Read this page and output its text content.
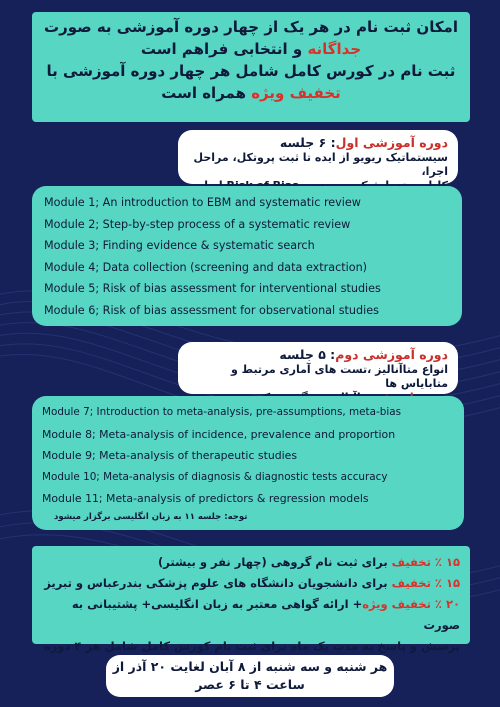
امکان ثبت نام در هر یک از چهار دوره آموزشی به صورت
جداگانه و انتخابی فراهم است
ثبت نام در کورس کامل شامل هر چهار دوره آموزشی با
تخفیف ویژه همراه است
دوره آموزشی اول: ۶ جلسه
سیستماتیک ریویو از ایده تا ثبت پروتکل، مراحل اجرا،
Module 1; An introduction to EBM and systematic review
Module 2; Step-by-step process of a systematic review
Module 3; Finding evidence & systematic search
Module 4; Data collection (screening and data extraction)
Module 5; Risk of bias assessment for interventional studies
Module 6; Risk of bias assessment for observational studies
دوره آموزشی دوم: ۵ جلسه
انواع متاآنالیز ،تست های آماری مرتبط و متابایاس ها
Module 7; Introduction to meta-analysis, pre-assumptions, meta-bias
Module 8; Meta-analysis of incidence, prevalence and proportion
Module 9; Meta-analysis of therapeutic studies
Module 10; Meta-analysis of diagnosis & diagnostic tests accuracy
Module 11; Meta-analysis of predictors & regression models
توجه: جلسه ۱۱ به زبان انگلیسی برگزار میشود
۱۵ ٪ تخفیف برای ثبت نام گروهی (چهار نفر و بیشتر)
۱۵ ٪ تخفیف برای دانشجویان دانشگاه های علوم پزشکی بندرعباس و تبریز
۲۰ ٪ تخفیف ویژه+ ارائه گواهی معتبر به زبان انگلیسی+ پشتیبانی به صورت
پرسش و پاسخ به مدت یک ماه برای ثبت نام کورس کامل شامل هر ۴ دوره
هر شنبه و سه شنبه از ۸ آبان لغایت ۲۰ آذر از
ساعت ۴ تا ۶ عصر
